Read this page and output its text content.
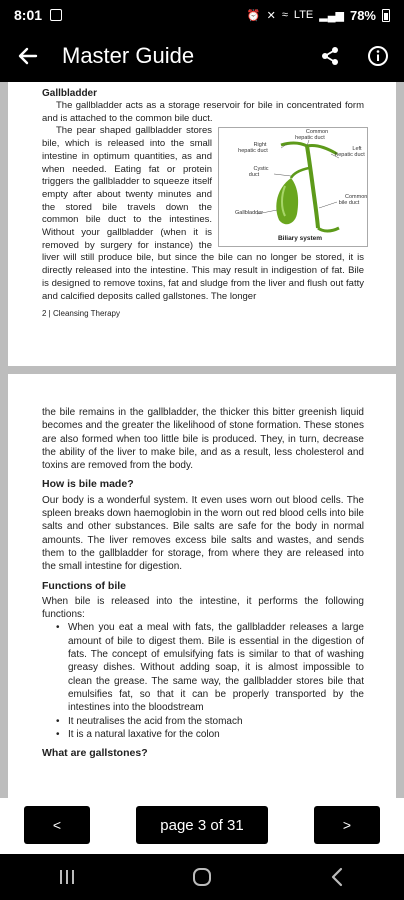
8:01	⏰ ✕ ≈ LTE ▂▄▆ 78%
Master Guide
Gallbladder
The gallbladder acts as a storage reservoir for bile in concentrated form and is attached to the common bile duct.
Common hepatic duct
Right hepatic duct	Left hepatic duct
Cystic duct
Common bile duct
Gallbladder
Biliary system
The pear shaped gallbladder stores bile, which is released into the small intestine in optimum quantities, as and when needed. Eating fat or protein triggers the gallbladder to squeeze itself empty after about twenty minutes and the stored bile travels down the common bile duct to the intestines. Without your gallbladder (when it is removed by surgery for instance) the liver will still produce bile, but since the bile can no longer be stored, it is directly released into the intestine. This may result in indigestion of fat. Bile is designed to remove toxins, fat and sludge from the liver and flush out fatty and calcified deposits called gallstones. The longer
2 | Cleansing Therapy
the bile remains in the gallbladder, the thicker this bitter greenish liquid becomes and the greater the likelihood of stone formation. These stones are also formed when too little bile is produced. They, in turn, decrease the ability of the liver to make bile, and as a result, less cholesterol and toxins are removed from the body.
How is bile made?
Our body is a wonderful system. It even uses worn out blood cells. The spleen breaks down haemoglobin in the worn out red blood cells into bile salts and other substances. Bile salts are safe for the body in normal amounts. The liver removes excess bile salts and wastes, and sends them to the gallbladder for storage, from where they are released into the small intestine for digestion.
Functions of bile
When bile is released into the intestine, it performs the following functions:
• When you eat a meal with fats, the gallbladder releases a large amount of bile to digest them. Bile is essential in the digestion of fats. The concept of emulsifying fats is similar to that of washing greasy dishes. Without adding soap, it is almost impossible to clean the grease. The same way, the gallbladder stores bile that emulsifies fat, so that it can be properly transported by the intestines into the bloodstream
• It neutralises the acid from the stomach
• It is a natural laxative for the colon
What are gallstones?
<	page 3 of 31	>
